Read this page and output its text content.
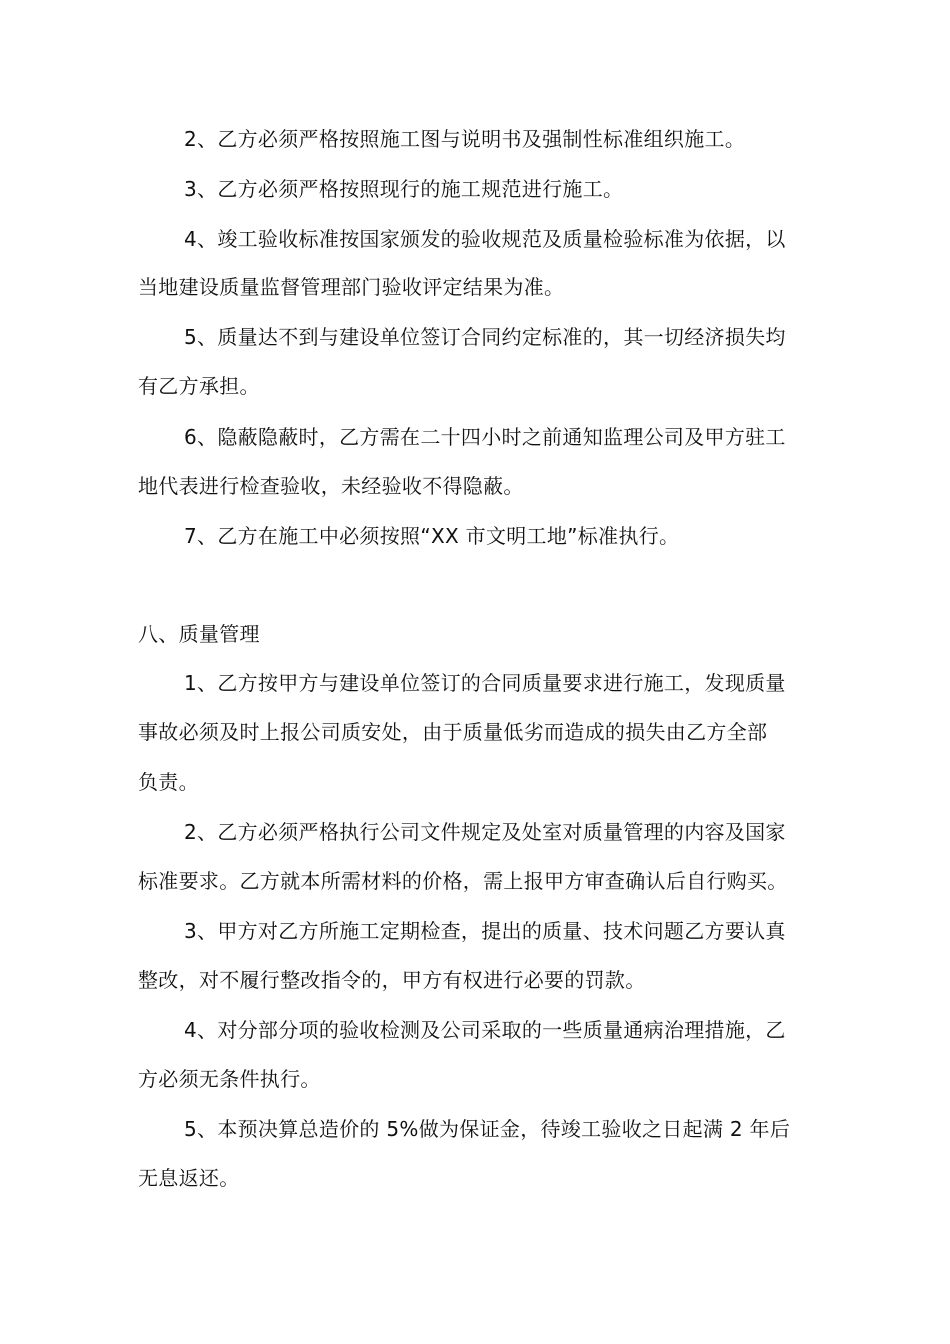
2、乙方必须严格按照施工图与说明书及强制性标准组织施工。
3、乙方必须严格按照现行的施工规范进行施工。
4、竣工验收标准按国家颁发的验收规范及质量检验标准为依据，以
当地建设质量监督管理部门验收评定结果为准。
5、质量达不到与建设单位签订合同约定标准的，其一切经济损失均
有乙方承担。
6、隐蔽隐蔽时，乙方需在二十四小时之前通知监理公司及甲方驻工
地代表进行检查验收，未经验收不得隐蔽。
7、乙方在施工中必须按照“XX 市文明工地”标准执行。
八、质量管理
1、乙方按甲方与建设单位签订的合同质量要求进行施工，发现质量
事故必须及时上报公司质安处，由于质量低劣而造成的损失由乙方全部
负责。
2、乙方必须严格执行公司文件规定及处室对质量管理的内容及国家
标准要求。乙方就本所需材料的价格，需上报甲方审查确认后自行购买。
3、甲方对乙方所施工定期检查，提出的质量、技术问题乙方要认真
整改，对不履行整改指令的，甲方有权进行必要的罚款。
4、对分部分项的验收检测及公司采取的一些质量通病治理措施，乙
方必须无条件执行。
5、本预决算总造价的 5%做为保证金，待竣工验收之日起满 2 年后
无息返还。
